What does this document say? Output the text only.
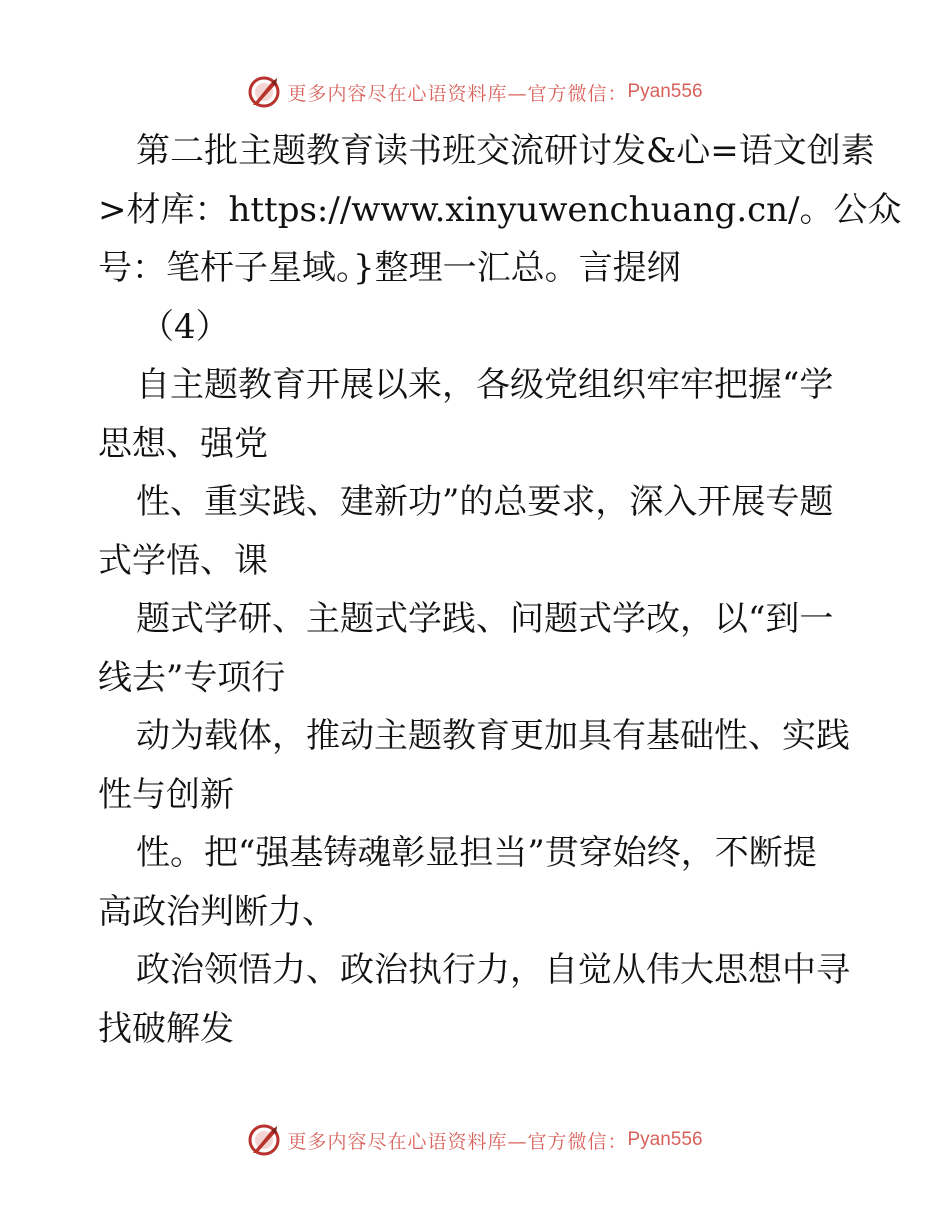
更多内容尽在心语资料库—官方微信： Pyan556
第二批主题教育读书班交流研讨发&心=语文创素
>材库：https://www.xinyuwenchuang.cn/。公众
号：笔杆子星域。}整理一汇总。言提纲
（4）
自主题教育开展以来，各级党组织牢牢把握“学
思想、强党
性、重实践、建新功”的总要求，深入开展专题
式学悟、课
题式学研、主题式学践、问题式学改，以“到一
线去”专项行
动为载体，推动主题教育更加具有基础性、实践
性与创新
性。把“强基铸魂彰显担当”贯穿始终，不断提
高政治判断力、
政治领悟力、政治执行力，自觉从伟大思想中寻
找破解发
更多内容尽在心语资料库—官方微信： Pyan556
